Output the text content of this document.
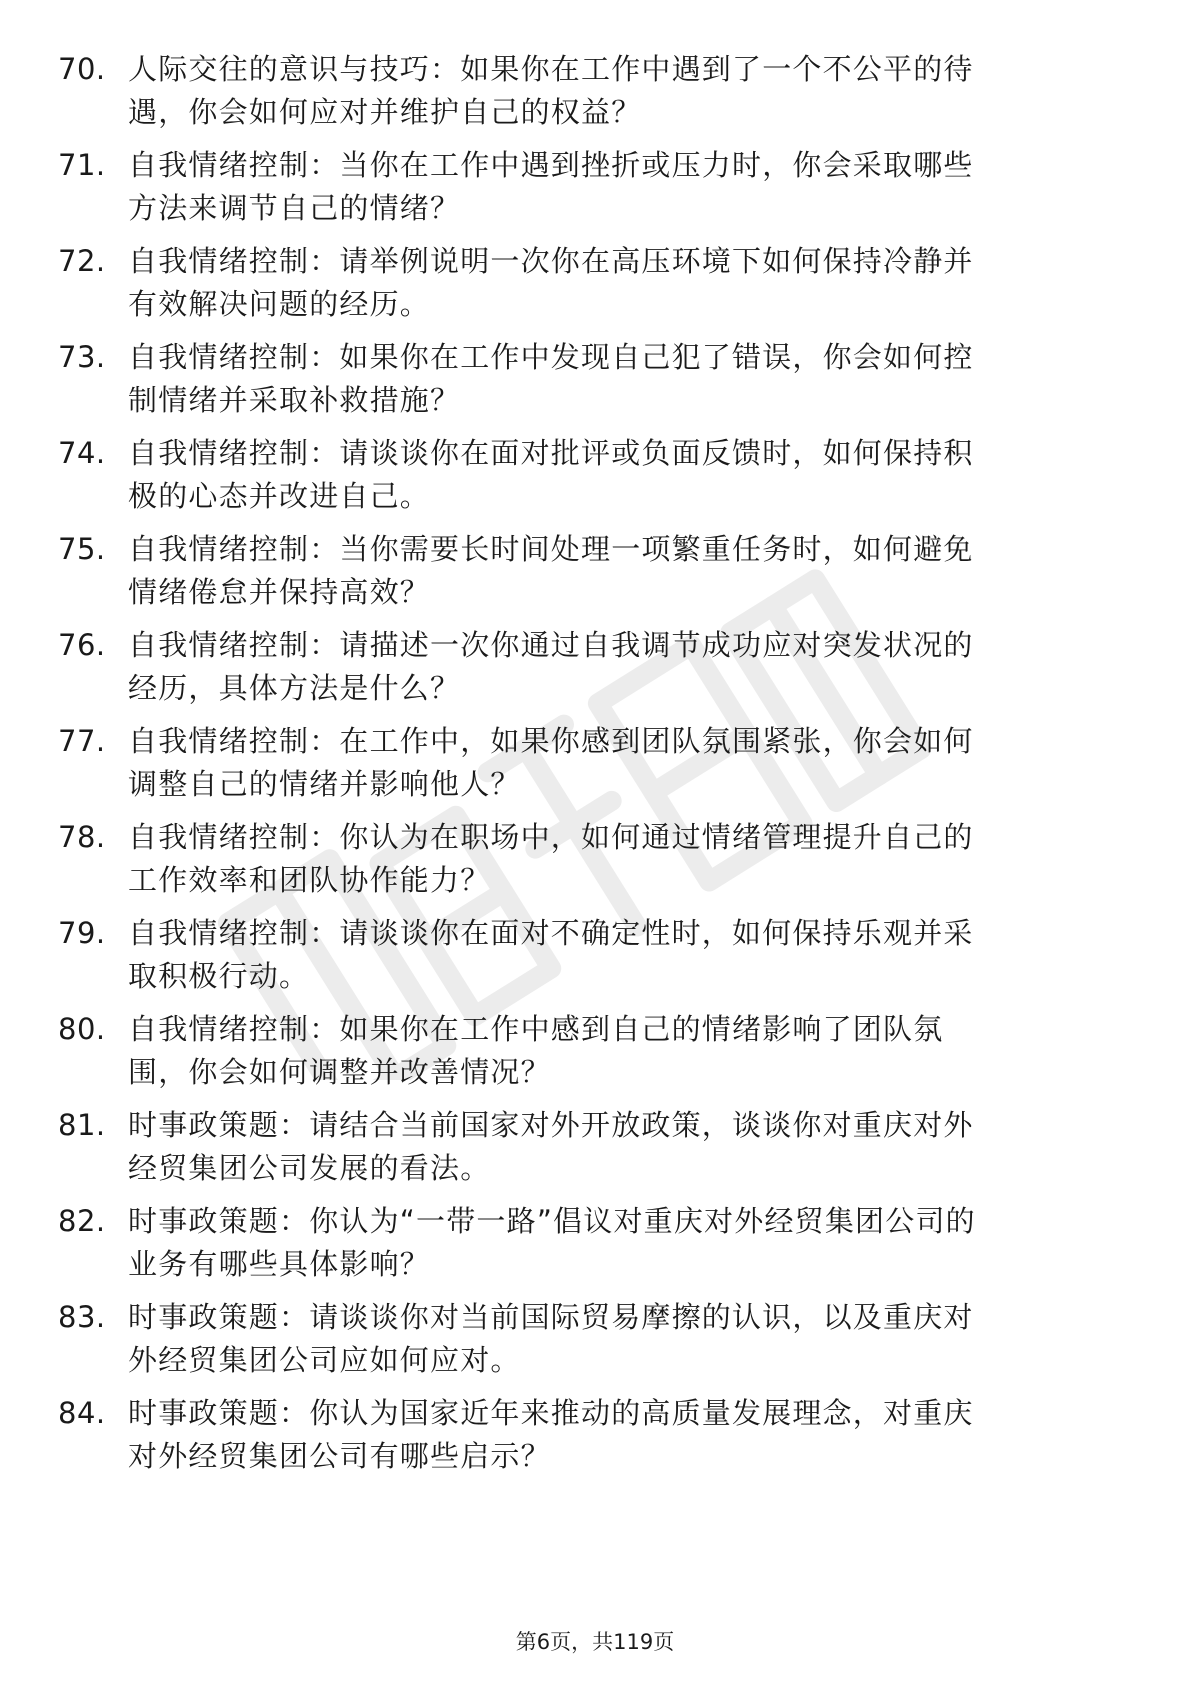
70. 人际交往的意识与技巧：如果你在工作中遇到了一个不公平的待
遇，你会如何应对并维护自己的权益？
71. 自我情绪控制：当你在工作中遇到挫折或压力时，你会采取哪些
方法来调节自己的情绪？
72. 自我情绪控制：请举例说明一次你在高压环境下如何保持冷静并
有效解决问题的经历。
73. 自我情绪控制：如果你在工作中发现自己犯了错误，你会如何控
制情绪并采取补救措施？
74. 自我情绪控制：请谈谈你在面对批评或负面反馈时，如何保持积
极的心态并改进自己。
75. 自我情绪控制：当你需要长时间处理一项繁重任务时，如何避免
情绪倦怠并保持高效？
76. 自我情绪控制：请描述一次你通过自我调节成功应对突发状况的
经历，具体方法是什么？
77. 自我情绪控制：在工作中，如果你感到团队氛围紧张，你会如何
调整自己的情绪并影响他人？
78. 自我情绪控制：你认为在职场中，如何通过情绪管理提升自己的
工作效率和团队协作能力？
79. 自我情绪控制：请谈谈你在面对不确定性时，如何保持乐观并采
取积极行动。
80. 自我情绪控制：如果你在工作中感到自己的情绪影响了团队氛
围，你会如何调整并改善情况？
81. 时事政策题：请结合当前国家对外开放政策，谈谈你对重庆对外
经贸集团公司发展的看法。
82. 时事政策题：你认为“一带一路”倡议对重庆对外经贸集团公司的
业务有哪些具体影响？
83. 时事政策题：请谈谈你对当前国际贸易摩擦的认识，以及重庆对
外经贸集团公司应如何应对。
84. 时事政策题：你认为国家近年来推动的高质量发展理念，对重庆
对外经贸集团公司有哪些启示？
第6页，共119页
